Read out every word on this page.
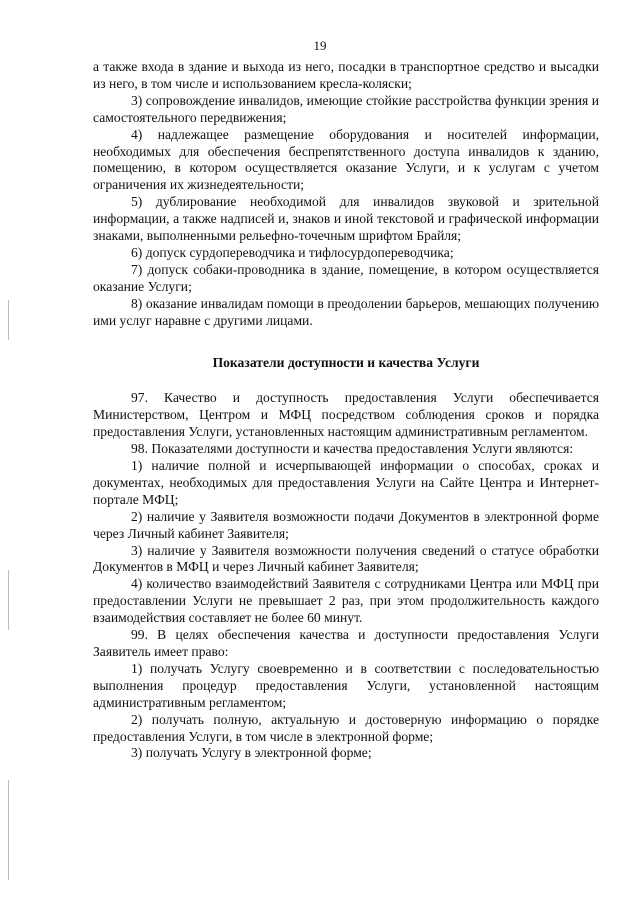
19

а также входа в здание и выхода из него, посадки в транспортное средство и высадки из него, в том числе и использованием кресла-коляски;

3) сопровождение инвалидов, имеющие стойкие расстройства функции зрения и самостоятельного передвижения;

4) надлежащее размещение оборудования и носителей информации, необходимых для обеспечения беспрепятственного доступа инвалидов к зданию, помещению, в котором осуществляется оказание Услуги, и к услугам с учетом ограничения их жизнедеятельности;

5) дублирование необходимой для инвалидов звуковой и зрительной информации, а также надписей и, знаков и иной текстовой и графической информации знаками, выполненными рельефно-точечным шрифтом Брайля;

6) допуск сурдопереводчика и тифлосурдопереводчика;

7) допуск собаки-проводника в здание, помещение, в котором осуществляется оказание Услуги;

8) оказание инвалидам помощи в преодолении барьеров, мешающих получению ими услуг наравне с другими лицами.

Показатели доступности и качества Услуги

97. Качество и доступность предоставления Услуги обеспечивается Министерством, Центром и МФЦ посредством соблюдения сроков и порядка предоставления Услуги, установленных настоящим административным регламентом.

98. Показателями доступности и качества предоставления Услуги являются:

1) наличие полной и исчерпывающей информации о способах, сроках и документах, необходимых для предоставления Услуги на Сайте Центра и Интернет-портале МФЦ;

2) наличие у Заявителя возможности подачи Документов в электронной форме через Личный кабинет Заявителя;

3) наличие у Заявителя возможности получения сведений о статусе обработки Документов в МФЦ и через Личный кабинет Заявителя;

4) количество взаимодействий Заявителя с сотрудниками Центра или МФЦ при предоставлении Услуги не превышает 2 раз, при этом продолжительность каждого взаимодействия составляет не более 60 минут.

99. В целях обеспечения качества и доступности предоставления Услуги Заявитель имеет право:

1) получать Услугу своевременно и в соответствии с последовательностью выполнения процедур предоставления Услуги, установленной настоящим административным регламентом;

2) получать полную, актуальную и достоверную информацию о порядке предоставления Услуги, в том числе в электронной форме;

3) получать Услугу в электронной форме;
